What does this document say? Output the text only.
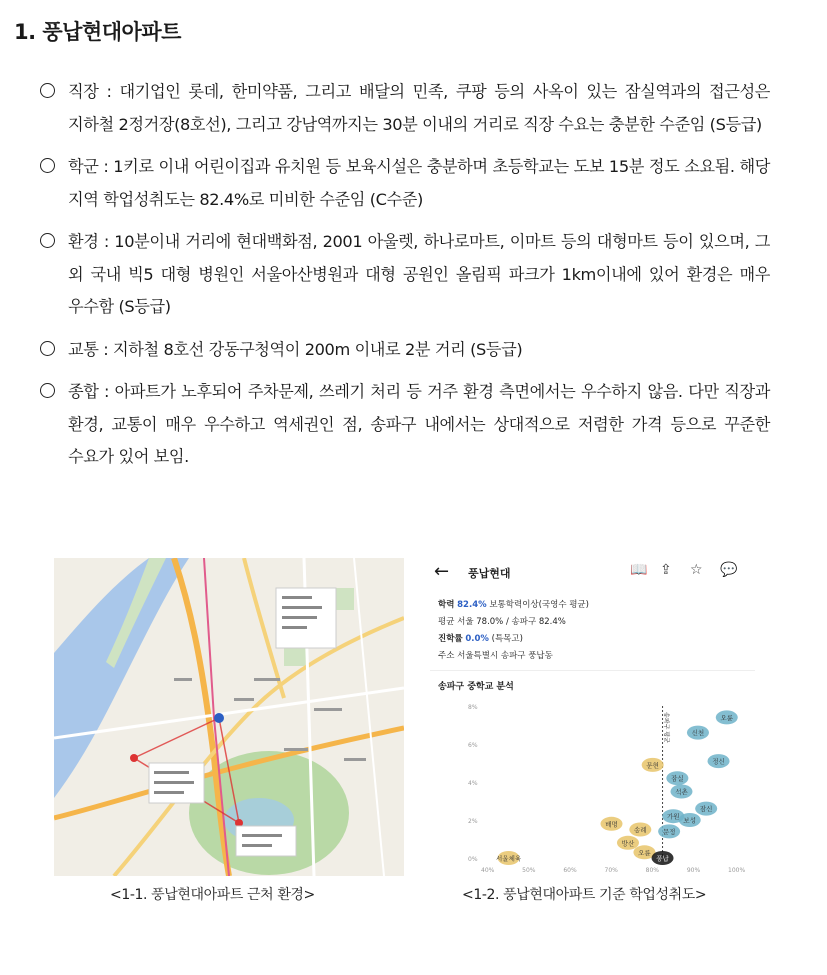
1. 풍납현대아파트
직장 : 대기업인 롯데, 한미약품, 그리고 배달의 민족, 쿠팡 등의 사옥이 있는 잠실역과의 접근성은 지하철 2정거장(8호선), 그리고 강남역까지는 30분 이내의 거리로 직장 수요는 충분한 수준임 (S등급)
학군 : 1키로 이내 어린이집과 유치원 등 보육시설은 충분하며 초등학교는 도보 15분 정도 소요됨. 해당 지역 학업성취도는 82.4%로 미비한 수준임 (C수준)
환경 : 10분이내 거리에 현대백화점, 2001 아울렛, 하나로마트, 이마트 등의 대형마트 등이 있으며, 그 외 국내 빅5 대형 병원인 서울아산병원과 대형 공원인 올림픽 파크가 1km이내에 있어 환경은 매우 우수함 (S등급)
교통 : 지하철 8호선 강동구청역이 200m 이내로 2분 거리 (S등급)
종합 : 아파트가 노후되어 주차문제, 쓰레기 처리 등 거주 환경 측면에서는 우수하지 않음. 다만 직장과 환경, 교통이 매우 우수하고 역세권인 점, 송파구 내에서는 상대적으로 저렴한 가격 등으로 꾸준한 수요가 있어 보임.
← 풍납현대	📖 ⇪ ☆ 💬
학력 82.4% 보통학력이상(국영수 평균)
평균 서울 78.0% / 송파구 82.4%
진학률 0.0% (특목고)
주소 서울특별시 송파구 풍납동
송파구 중학교 분석
0%
2%
4%
6%
8%
40%	50%	60%	70%	80%	90%	100%
송파구 평균
서울체육
배명
방산
송례
오륜
풍납
가원
문정
잠실
석촌
보성
잠신
신천
정신
오륜
문현
<1-1. 풍납현대아파트 근처 환경>	<1-2. 풍납현대아파트 기준 학업성취도>
